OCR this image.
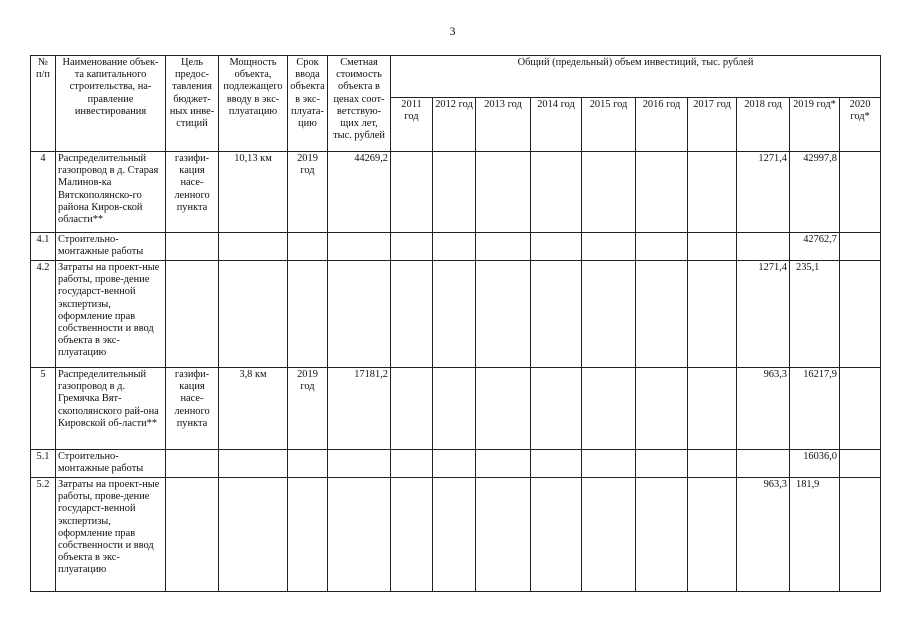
3
№ п/п	Наименование объек-та капитального строительства, на-правление инвестирования	Цель предос-тавления бюджет-ных инве-стиций	Мощность объекта, подлежащего вводу в экс-плуатацию	Срок ввода объекта в экс-плуата-цию	Сметная стоимость объекта в ценах соот-ветствую-щих лет, тыс. рублей	Общий (предельный) объем инвестиций, тыс. рублей									
						2011 год	2012 год	2013 год	2014 год	2015 год	2016 год	2017 год	2018 год	2019 год*	2020 год*
4	Распределительный газопровод в д. Старая Малинов-ка Вятскополянско-го района Киров-ской области**	газифи-кация насе-ленного пункта	10,13 км	2019 год	44269,2								1271,4	42997,8	
4.1	Строительно-монтажные работы													42762,7	
4.2	Затраты на проект-ные работы, прове-дение государст-венной экспертизы, оформление прав собственности и ввод объекта в экс-плуатацию												1271,4	235,1	
5	Распределительный газопровод в д. Гремячка Вят-скополянского рай-она Кировской об-ласти**	газифи-кация насе-ленного пункта	3,8 км	2019 год	17181,2								963,3	16217,9	
5.1	Строительно-монтажные работы													16036,0	
5.2	Затраты на проект-ные работы, прове-дение государст-венной экспертизы, оформление прав собственности и ввод объекта в экс-плуатацию												963,3	181,9	
